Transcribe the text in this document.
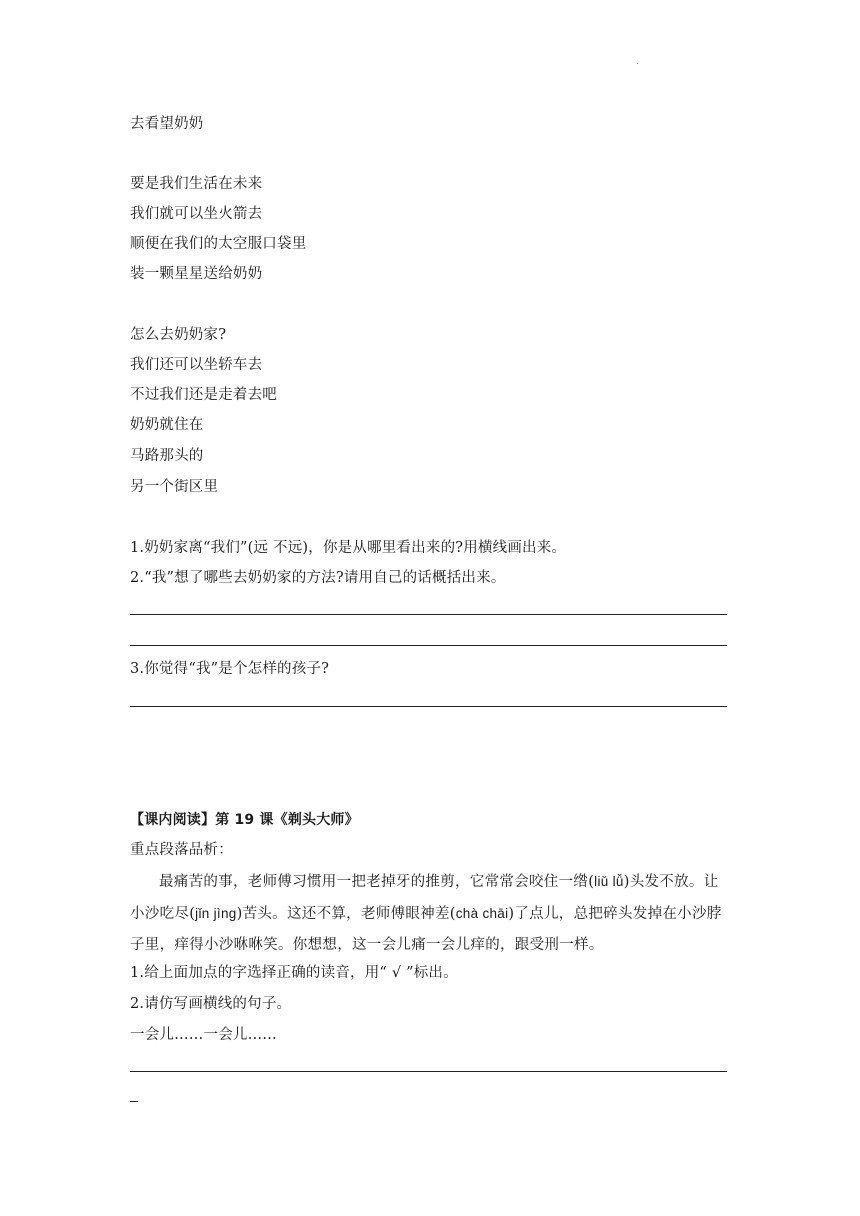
·
去看望奶奶
要是我们生活在未来
我们就可以坐火箭去
顺便在我们的太空服口袋里
装一颗星星送给奶奶
怎么去奶奶家?
我们还可以坐轿车去
不过我们还是走着去吧
奶奶就住在
马路那头的
另一个街区里
1.奶奶家离“我们”(远 不远)，你是从哪里看出来的?用横线画出来。
2.“我”想了哪些去奶奶家的方法?请用自己的话概括出来。
3.你觉得“我”是个怎样的孩子?
【课内阅读】第 19 课《剃头大师》
重点段落品析：
最痛苦的事，老师傅习惯用一把老掉牙的推剪，它常常会咬住一绺(liǔ lǚ)头发不放。让小沙吃尽(jǐn jìng)苦头。这还不算，老师傅眼神差(chà chāi)了点儿，总把碎头发掉在小沙脖子里，痒得小沙咻咻笑。你想想，这一会儿痛一会儿痒的，跟受刑一样。
1.给上面加点的字选择正确的读音，用“ √ ”标出。
2.请仿写画横线的句子。
一会儿……一会儿……
